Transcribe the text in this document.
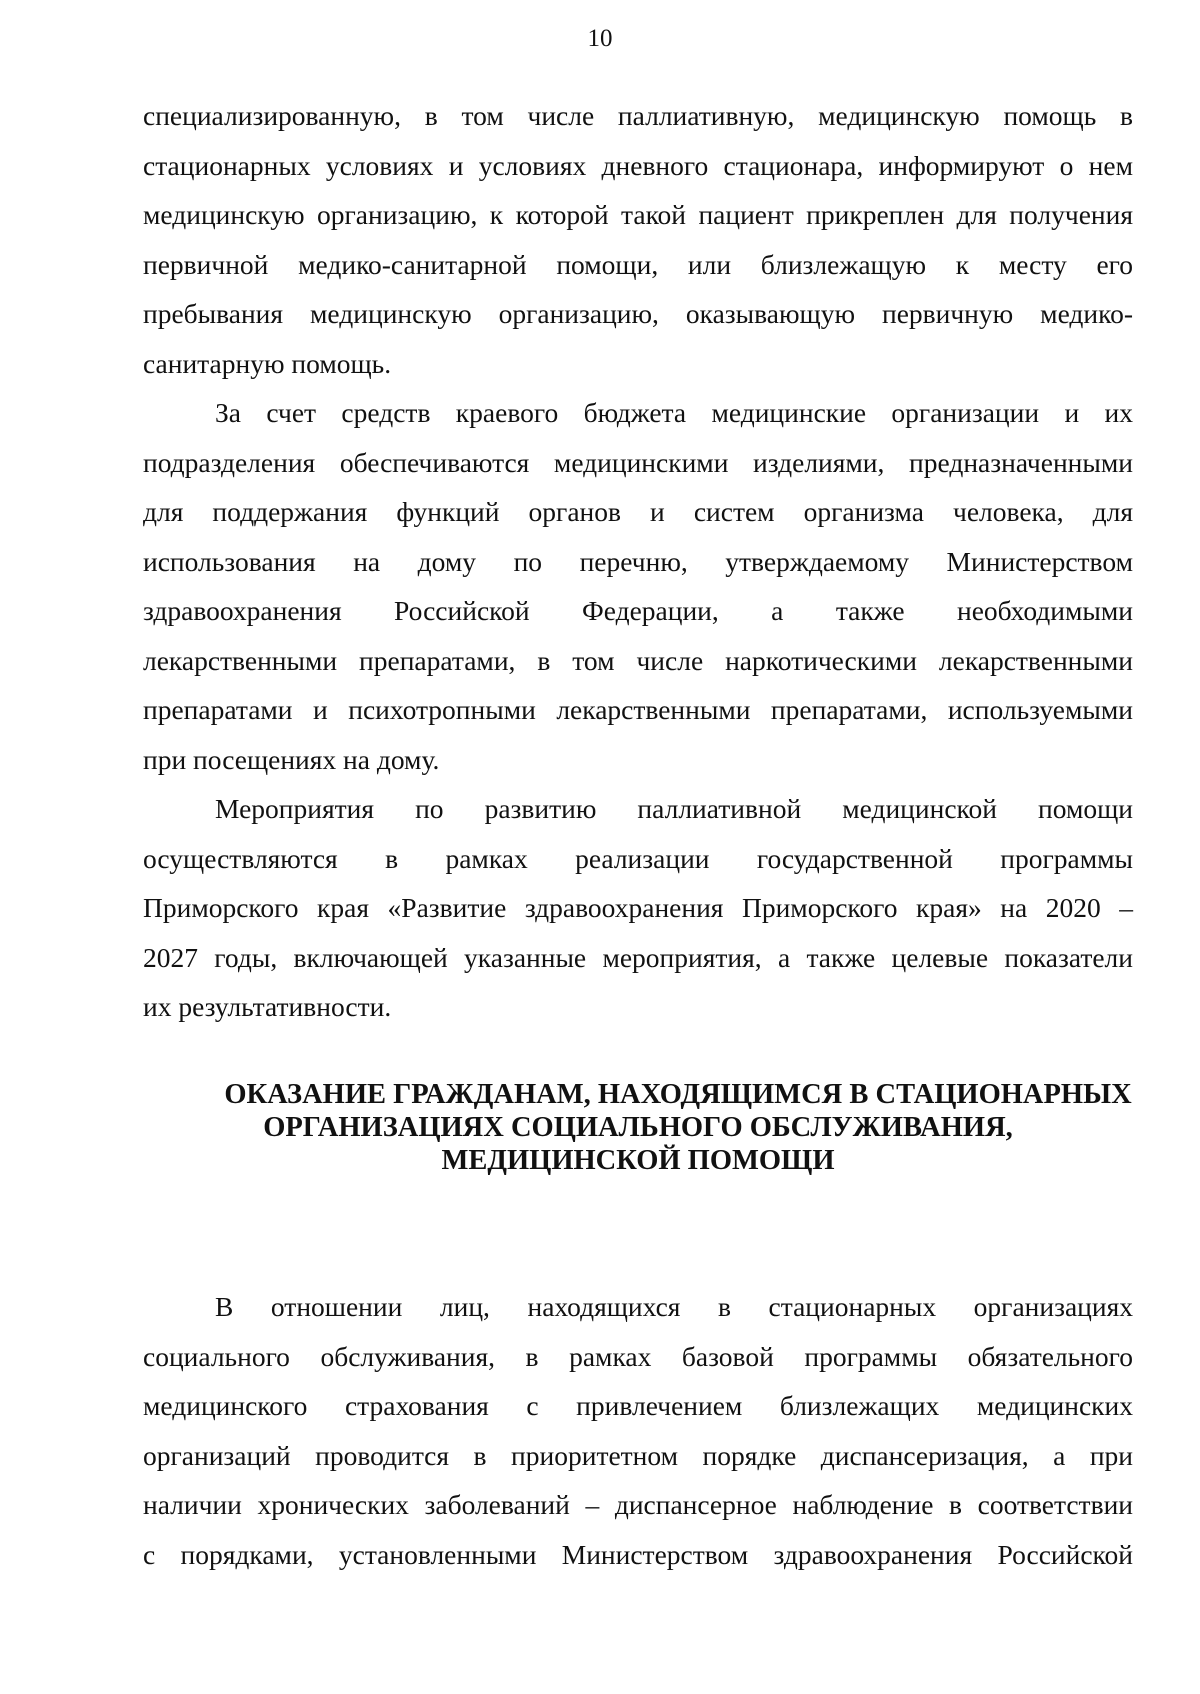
10
специализированную, в том числе паллиативную, медицинскую помощь в
стационарных условиях и условиях дневного стационара, информируют о нем
медицинскую организацию, к которой такой пациент прикреплен для получения
первичной медико-санитарной помощи, или близлежащую к месту его
пребывания медицинскую организацию, оказывающую первичную медико-
санитарную помощь.
За счет средств краевого бюджета медицинские организации и их
подразделения обеспечиваются медицинскими изделиями, предназначенными
для поддержания функций органов и систем организма человека, для
использования на дому по перечню, утверждаемому Министерством
здравоохранения Российской Федерации, а также необходимыми
лекарственными препаратами, в том числе наркотическими лекарственными
препаратами и психотропными лекарственными препаратами, используемыми
при посещениях на дому.
Мероприятия по развитию паллиативной медицинской помощи
осуществляются в рамках реализации государственной программы
Приморского края «Развитие здравоохранения Приморского края» на 2020 –
2027 годы, включающей указанные мероприятия, а также целевые показатели
их результативности.
ОКАЗАНИЕ ГРАЖДАНАМ, НАХОДЯЩИМСЯ В СТАЦИОНАРНЫХ
ОРГАНИЗАЦИЯХ СОЦИАЛЬНОГО ОБСЛУЖИВАНИЯ,
МЕДИЦИНСКОЙ ПОМОЩИ
В отношении лиц, находящихся в стационарных организациях
социального обслуживания, в рамках базовой программы обязательного
медицинского страхования с привлечением близлежащих медицинских
организаций проводится в приоритетном порядке диспансеризация, а при
наличии хронических заболеваний – диспансерное наблюдение в соответствии
с порядками, установленными Министерством здравоохранения Российской
